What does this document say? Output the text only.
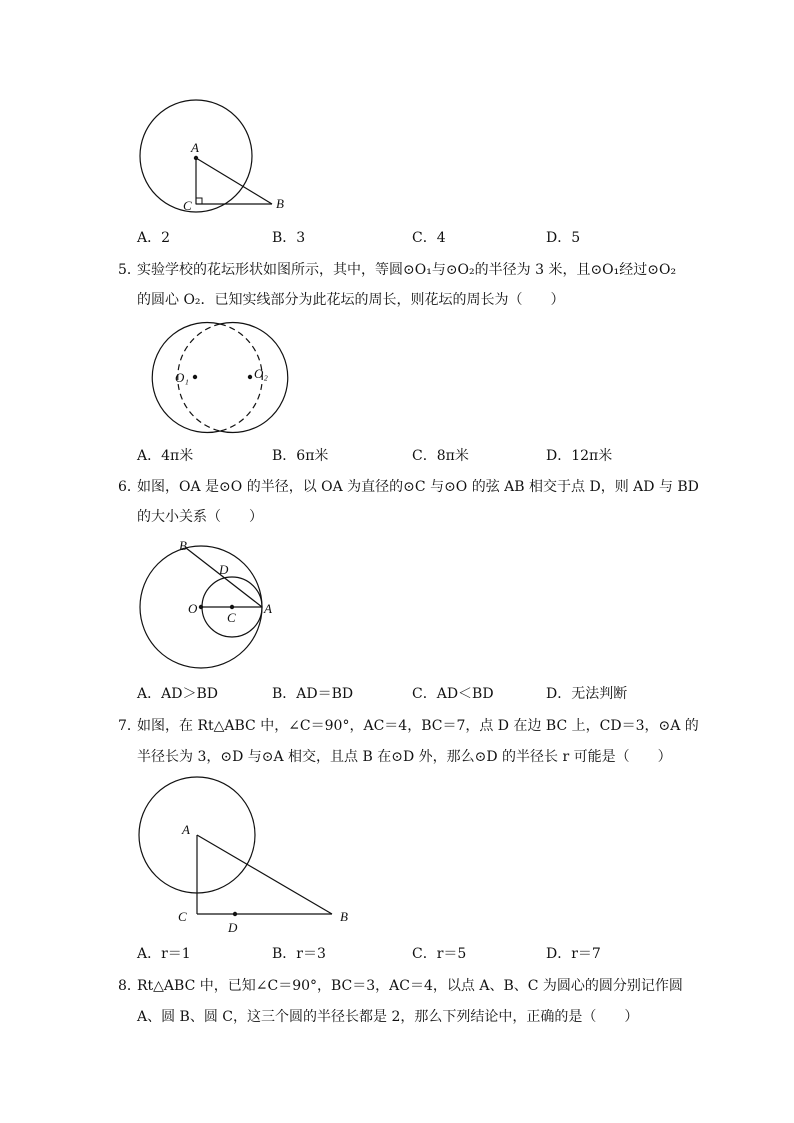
A
B
C
A．2	B．3	C．4	D．5
5．
实验学校的花坛形状如图所示，其中，等圆⊙O₁与⊙O₂的半径为 3 米，且⊙O₁经过⊙O₂
的圆心 O₂．已知实线部分为此花坛的周长，则花坛的周长为（　　）
O₁	O₂
A．4π米	B．6π米	C．8π米	D．12π米
6．
如图，OA 是⊙O 的半径，以 OA 为直径的⊙C 与⊙O 的弦 AB 相交于点 D，则 AD 与 BD
的大小关系（　　）
B
D
O
C
A
A．AD＞BD	B．AD＝BD	C．AD＜BD	D．无法判断
7．
如图，在 Rt△ABC 中，∠C＝90°，AC＝4，BC＝7，点 D 在边 BC 上，CD＝3，⊙A 的
半径长为 3，⊙D 与⊙A 相交，且点 B 在⊙D 外，那么⊙D 的半径长 r 可能是（　　）
A
C
D
B
A．r＝1	B．r＝3	C．r＝5	D．r＝7
8．
Rt△ABC 中，已知∠C＝90°，BC＝3，AC＝4，以点 A、B、C 为圆心的圆分别记作圆
A、圆 B、圆 C，这三个圆的半径长都是 2，那么下列结论中，正确的是（　　）
